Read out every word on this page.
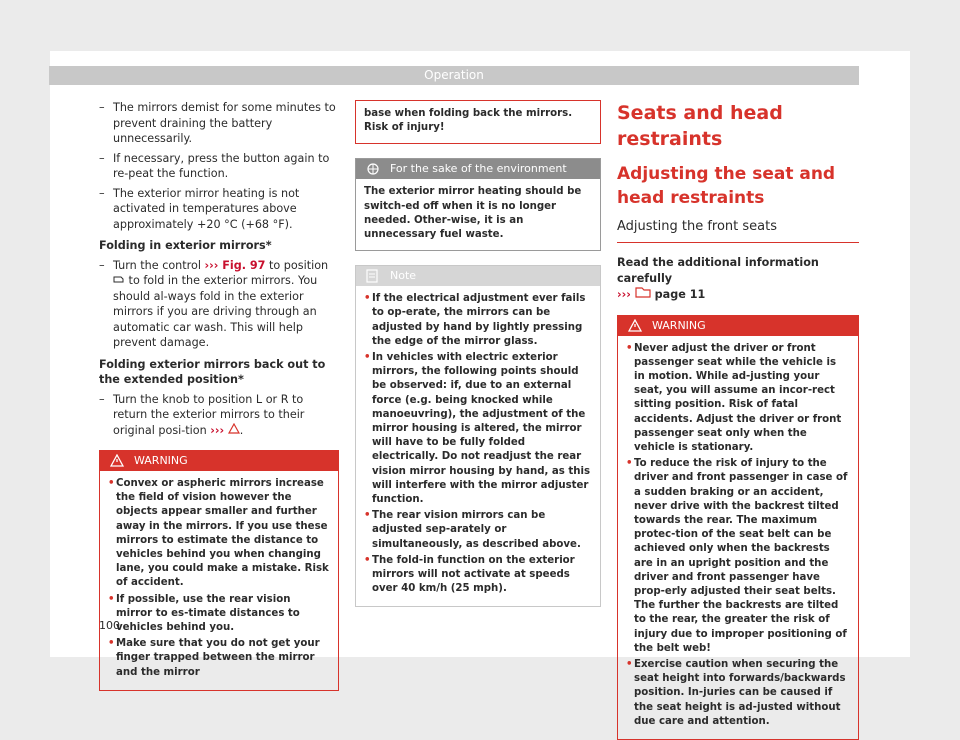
Operation
– The mirrors demist for some minutes to prevent draining the battery unnecessarily.
– If necessary, press the button again to re-peat the function.
– The exterior mirror heating is not activated in temperatures above approximately +20 °C (+68 °F).
Folding in exterior mirrors*
– Turn the control ››› Fig. 97 to position  to fold in the exterior mirrors. You should al-ways fold in the exterior mirrors if you are driving through an automatic car wash. This will help prevent damage.
Folding exterior mirrors back out to the extended position*
– Turn the knob to position L or R to return the exterior mirrors to their original posi-tion ››› .
WARNING
• Convex or aspheric mirrors increase the field of vision however the objects appear smaller and further away in the mirrors. If you use these mirrors to estimate the distance to vehicles behind you when changing lane, you could make a mistake. Risk of accident.
• If possible, use the rear vision mirror to es-timate distances to vehicles behind you.
• Make sure that you do not get your finger trapped between the mirror and the mirror
base when folding back the mirrors. Risk of injury!
For the sake of the environment
The exterior mirror heating should be switch-ed off when it is no longer needed. Other-wise, it is an unnecessary fuel waste.
Note
• If the electrical adjustment ever fails to op-erate, the mirrors can be adjusted by hand by lightly pressing the edge of the mirror glass.
• In vehicles with electric exterior mirrors, the following points should be observed: if, due to an external force (e.g. being knocked while manoeuvring), the adjustment of the mirror housing is altered, the mirror will have to be fully folded electrically. Do not readjust the rear vision mirror housing by hand, as this will interfere with the mirror adjuster function.
• The rear vision mirrors can be adjusted sep-arately or simultaneously, as described above.
• The fold-in function on the exterior mirrors will not activate at speeds over 40 km/h (25 mph).
Seats and head restraints
Adjusting the seat and head restraints
Adjusting the front seats

Read the additional information carefully

››› page 11

WARNING
• Never adjust the driver or front passenger seat while the vehicle is in motion. While ad-justing your seat, you will assume an incor-rect sitting position. Risk of fatal accidents. Adjust the driver or front passenger seat only when the vehicle is stationary.
• To reduce the risk of injury to the driver and front passenger in case of a sudden braking or an accident, never drive with the backrest tilted towards the rear. The maximum protec-tion of the seat belt can be achieved only when the backrests are in an upright position and the driver and front passenger have prop-erly adjusted their seat belts. The further the backrests are tilted to the rear, the greater the risk of injury due to improper positioning of the belt web!
• Exercise caution when securing the seat height into forwards/backwards position. In-juries can be caused if the seat height is ad-justed without due care and attention.
100
